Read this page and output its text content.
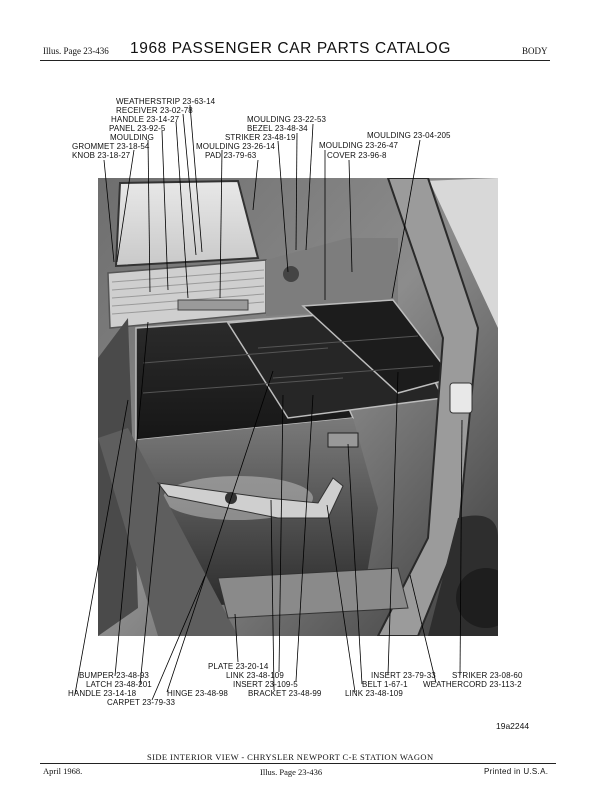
Illus. Page 23-436 1968 PASSENGER CAR PARTS CATALOG	BODY
WEATHERSTRIP 23-63-14
RECEIVER 23-02-78
HANDLE 23-14-27
PANEL 23-92-5
MOULDING
GROMMET 23-18-54
KNOB 23-18-27
MOULDING 23-22-53
BEZEL 23-48-34
STRIKER 23-48-19
MOULDING 23-26-14
PAD 23-79-63
MOULDING 23-04-205
MOULDING 23-26-47
COVER 23-96-8
BUMPER 23-48-93
LATCH 23-48-201
HANDLE 23-14-18
CARPET 23-79-33
HINGE 23-48-98
PLATE 23-20-14
LINK 23-48-109
INSERT 23-109-5
BRACKET 23-48-99
INSERT 23-79-33
BELT 1-67-1
LINK 23-48-109
STRIKER 23-08-60
WEATHERCORD 23-113-2
19a2244
SIDE INTERIOR VIEW - CHRYSLER NEWPORT C-E STATION WAGON
April 1968.	Illus. Page 23-436	Printed in U.S.A.
